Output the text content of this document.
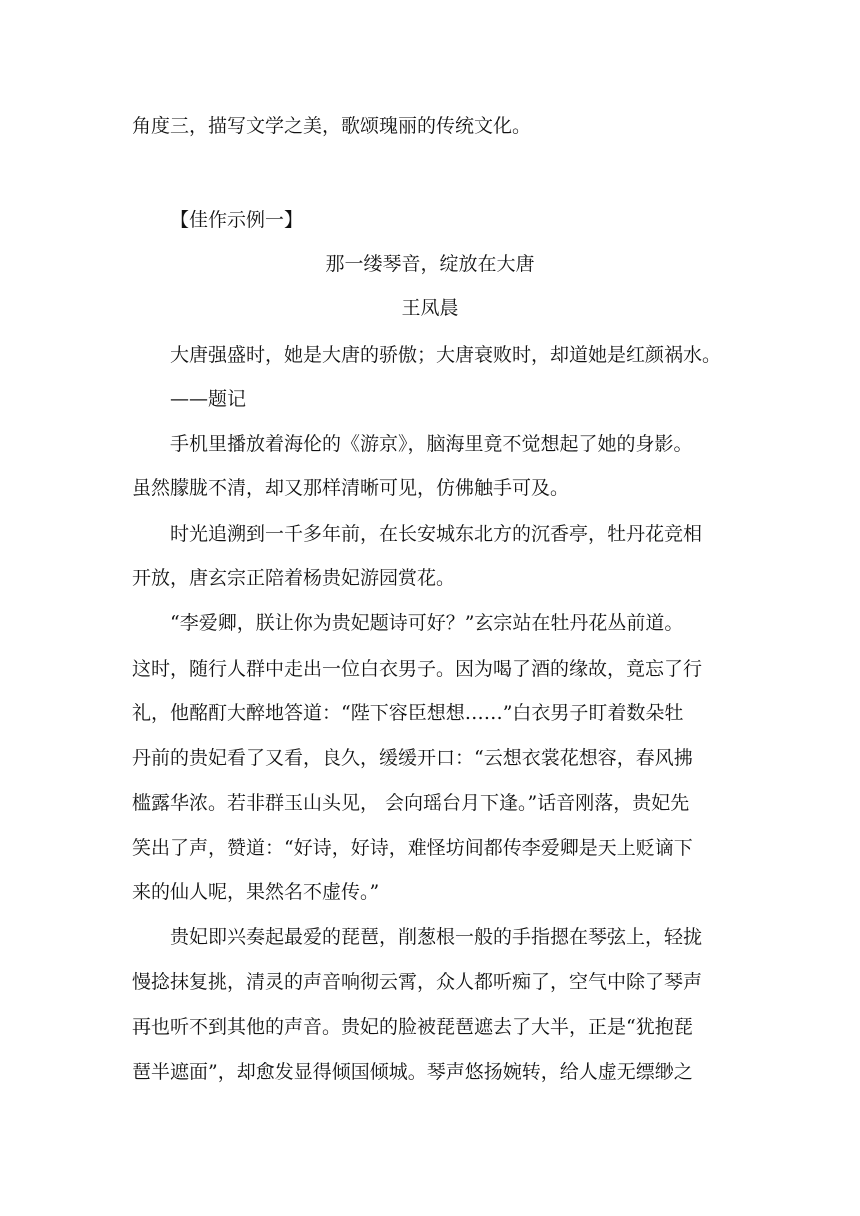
角度三，描写文学之美，歌颂瑰丽的传统文化。
【佳作示例一】
那一缕琴音，绽放在大唐
王凤晨
大唐强盛时，她是大唐的骄傲；大唐衰败时，却道她是红颜祸水。
——题记
手机里播放着海伦的《游京》，脑海里竟不觉想起了她的身影。
虽然朦胧不清，却又那样清晰可见，仿佛触手可及。
时光追溯到一千多年前，在长安城东北方的沉香亭，牡丹花竞相
开放，唐玄宗正陪着杨贵妃游园赏花。
“李爱卿，朕让你为贵妃题诗可好？”玄宗站在牡丹花丛前道。
这时，随行人群中走出一位白衣男子。因为喝了酒的缘故，竟忘了行
礼，他酩酊大醉地答道：“陛下容臣想想……”白衣男子盯着数朵牡
丹前的贵妃看了又看，良久，缓缓开口：“云想衣裳花想容，春风拂
槛露华浓。若非群玉山头见， 会向瑶台月下逢。”话音刚落，贵妃先
笑出了声，赞道：“好诗，好诗，难怪坊间都传李爱卿是天上贬谪下
来的仙人呢，果然名不虚传。”
贵妃即兴奏起最爱的琵琶，削葱根一般的手指摁在琴弦上，轻拢
慢捻抹复挑，清灵的声音响彻云霄，众人都听痴了，空气中除了琴声
再也听不到其他的声音。贵妃的脸被琵琶遮去了大半，正是“犹抱琵
琶半遮面”，却愈发显得倾国倾城。琴声悠扬婉转，给人虚无缥缈之
